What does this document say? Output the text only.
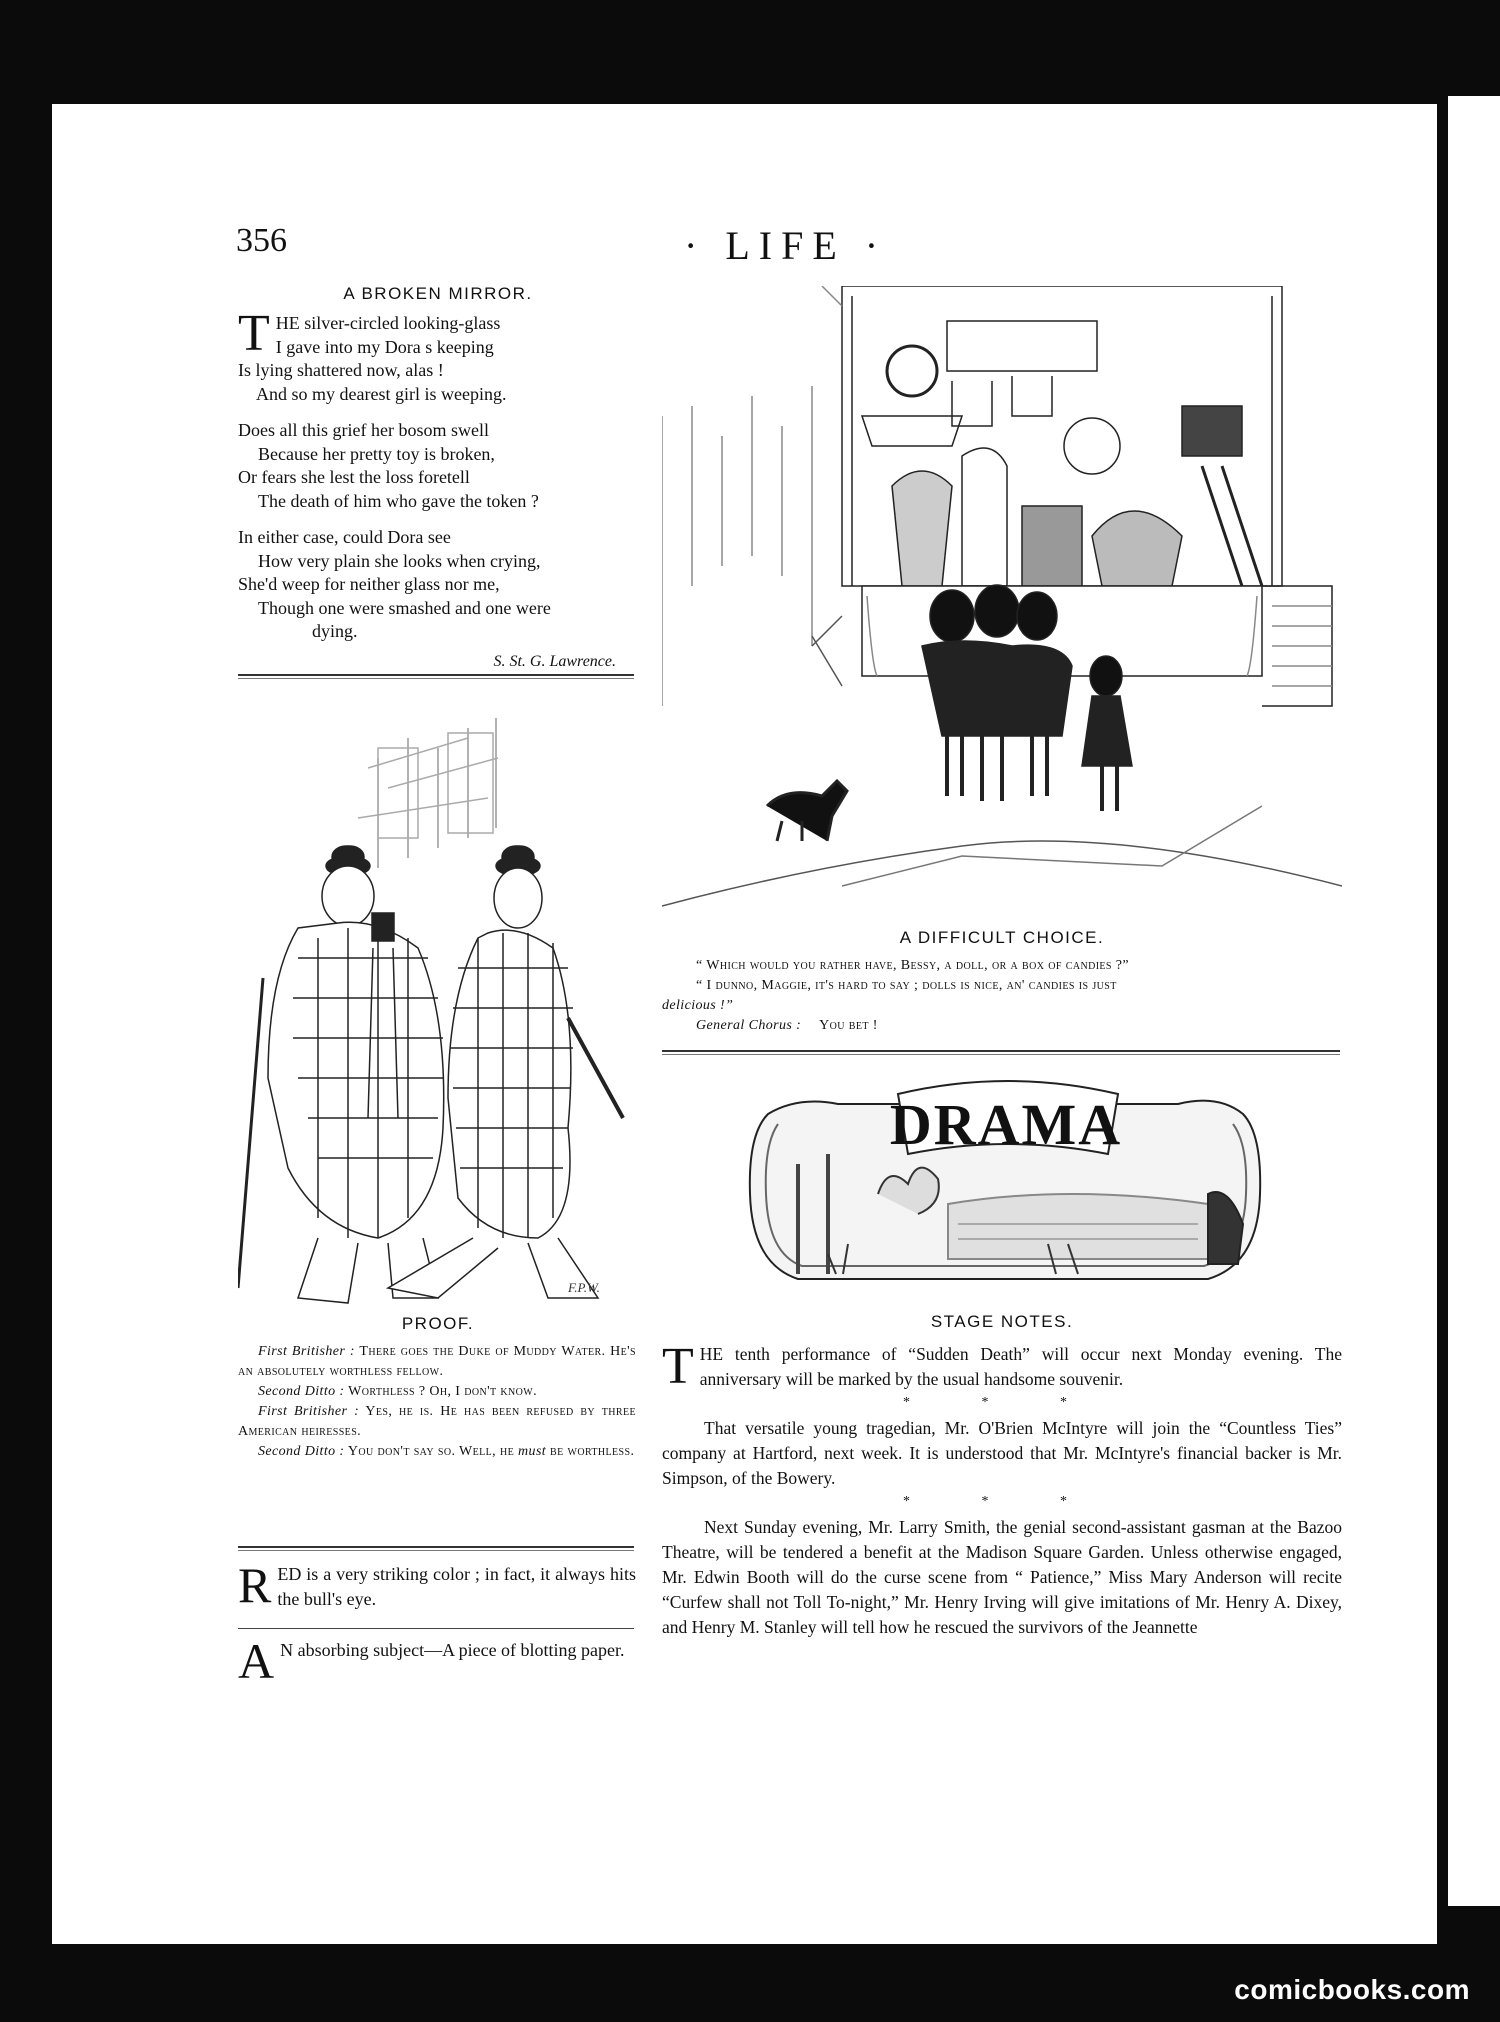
356	· LIFE ·
A BROKEN MIRROR.
T HE silver-circled looking-glass

I gave into my Dora s keeping

Is lying shattered now, alas !

And so my dearest girl is weeping.

Does all this grief her bosom swell

Because her pretty toy is broken,

Or fears she lest the loss foretell

The death of him who gave the token ?

In either case, could Dora see

How very plain she looks when crying,

She'd weep for neither glass nor me,

Though one were smashed and one were

dying.

S. St. G. Lawrence.

F.P.W.
PROOF.

First Britisher : There goes the Duke of Muddy Water. He's an absolutely worthless fellow.

Second Ditto : Worthless ? Oh, I don't know.

First Britisher : Yes, he is. He has been refused by three American heiresses.

Second Ditto : You don't say so. Well, he must be worthless.

R ED is a very striking color ; in fact, it always hits the bull's eye.
A N absorbing subject—A piece of blotting paper.
A DIFFICULT CHOICE.

“ Which would you rather have, Bessy, a doll, or a box of candies ?”

“ I dunno, Maggie, it's hard to say ; dolls is nice, an' candies is just

delicious !”

General Chorus : You bet !

DRAMA
STAGE NOTES.

T HE tenth performance of “Sudden Death” will occur next Monday evening. The anniversary will be marked by the usual handsome souvenir.

* * *

That versatile young tragedian, Mr. O'Brien McIntyre will join the “Countless Ties” company at Hartford, next week. It is understood that Mr. McIntyre's financial backer is Mr. Simpson, of the Bowery.

* * *

Next Sunday evening, Mr. Larry Smith, the genial second-assistant gasman at the Bazoo Theatre, will be tendered a benefit at the Madison Square Garden. Unless otherwise engaged, Mr. Edwin Booth will do the curse scene from “ Patience,” Miss Mary Anderson will recite “Curfew shall not Toll To-night,” Mr. Henry Irving will give imitations of Mr. Henry A. Dixey, and Henry M. Stanley will tell how he rescued the survivors of the Jeannette

comicbooks.com
